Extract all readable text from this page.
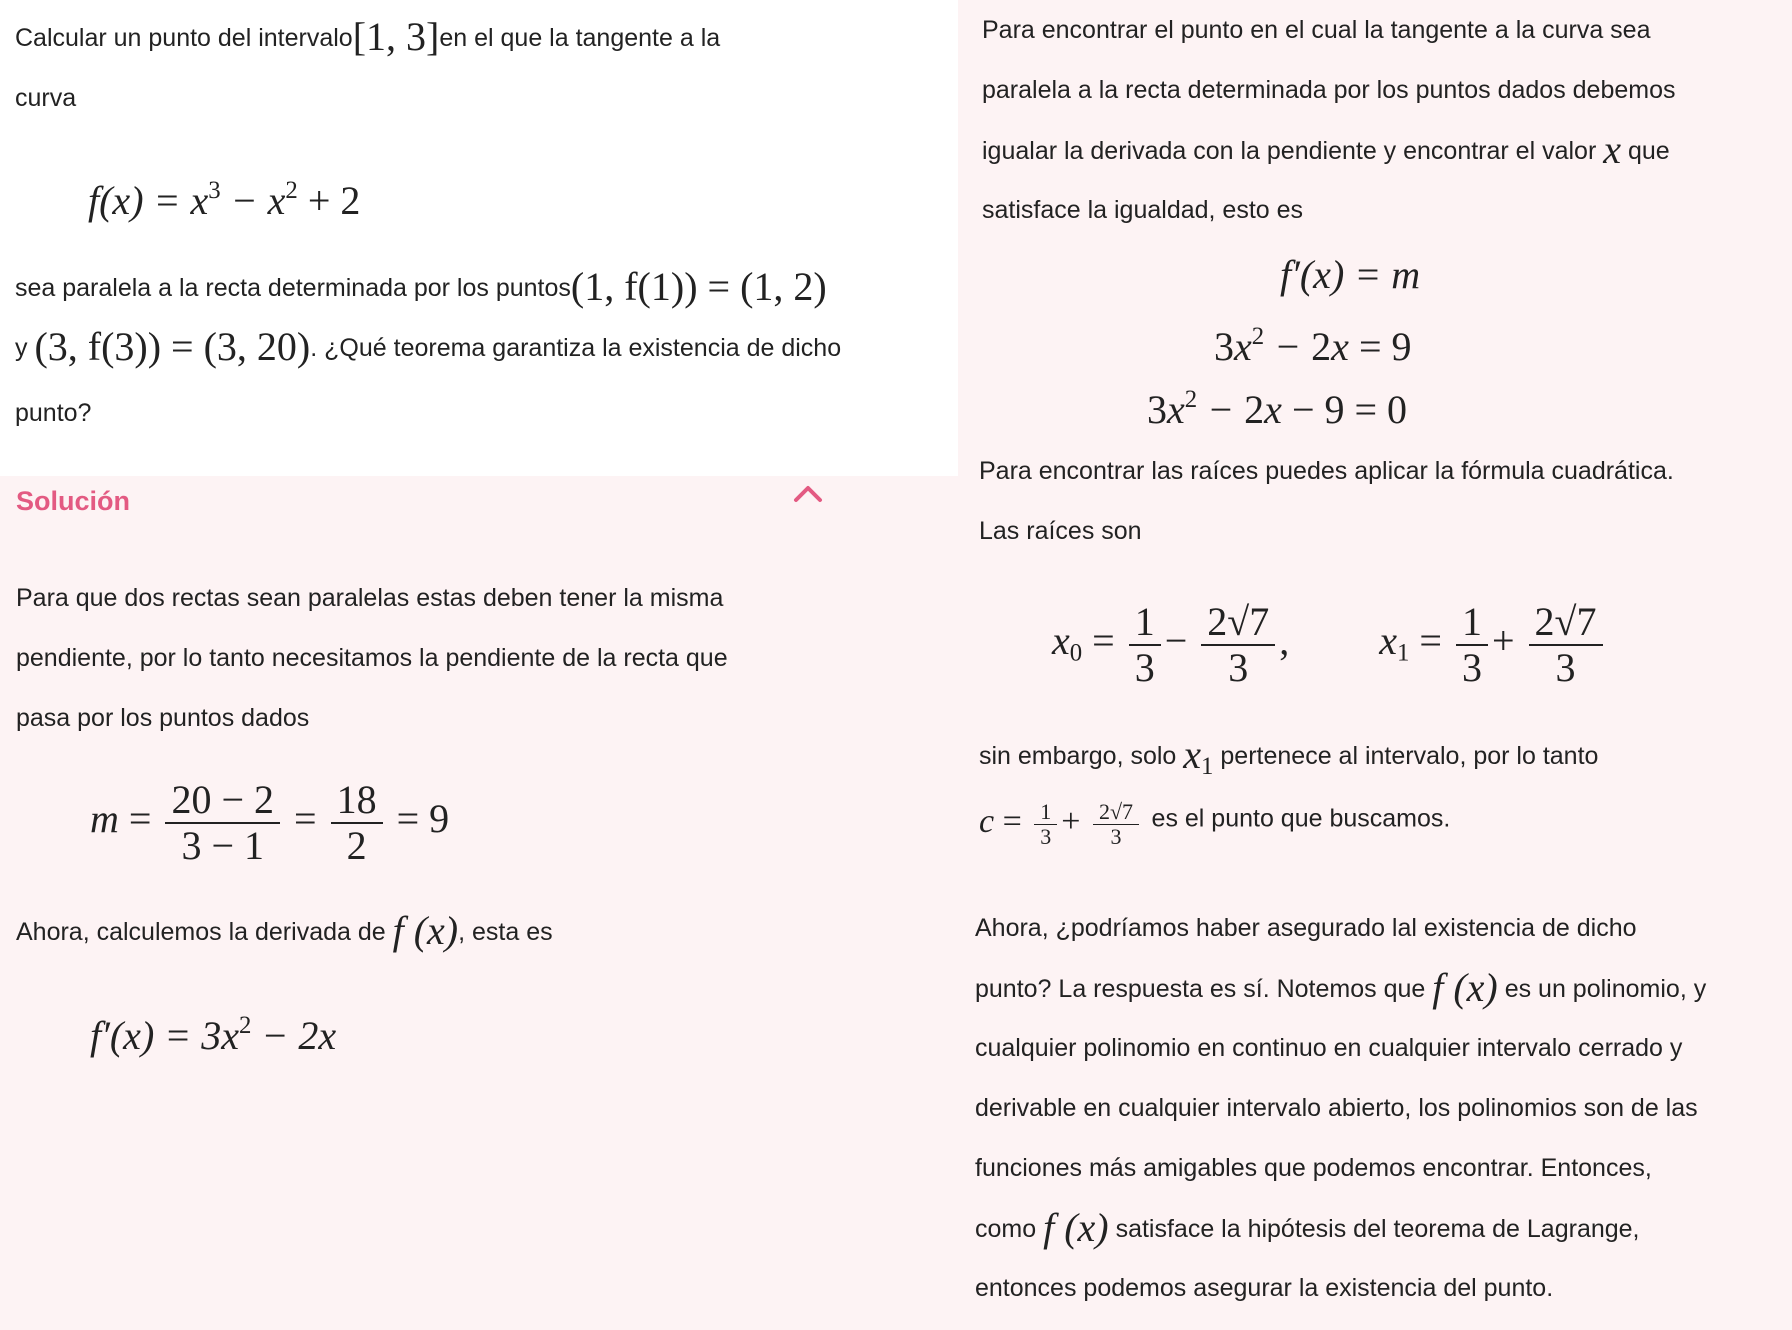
Calcular un punto del intervalo[1, 3]en el que la tangente a la
curva
$f(x) = x^3 - x^2 + 2$
sea paralela a la recta determinada por los puntos(1, f(1)) = (1, 2)
y (3, f(3)) = (3, 20). ¿Qué teorema garantiza la existencia de dicho
punto?
Solución
Para que dos rectas sean paralelas estas deben tener la misma
pendiente, por lo tanto necesitamos la pendiente de la recta que
pasa por los puntos dados
$m = \frac{20 - 2}{3 - 1} = \frac{18}{2} = 9$
Ahora, calculemos la derivada de f (x), esta es
$f'(x) = 3x^2 - 2x$
Para encontrar el punto en el cual la tangente a la curva sea
paralela a la recta determinada por los puntos dados debemos
igualar la derivada con la pendiente y encontrar el valor x que
satisface la igualdad, esto es
f′(x) = m
$3x^2 - 2x = 9$
$3x^2 - 2x - 9 = 0$
Para encontrar las raíces puedes aplicar la fórmula cuadrática.
Las raíces son
$x_0 = \frac{1}{3} - \frac{2√7}{3}$ ,  $x_1 = \frac{1}{3} + \frac{2√7}{3}$
sin embargo, solo $x_1$ pertenece al intervalo, por lo tanto
$c = \frac{1}{3} + \frac{2√7}{3}$ es el punto que buscamos.
Ahora, ¿podríamos haber asegurado lal existencia de dicho
punto? La respuesta es sí. Notemos que f (x) es un polinomio, y
cualquier polinomio en continuo en cualquier intervalo cerrado y
derivable en cualquier intervalo abierto, los polinomios son de las
funciones más amigables que podemos encontrar. Entonces,
como f (x) satisface la hipótesis del teorema de Lagrange,
entonces podemos asegurar la existencia del punto.
